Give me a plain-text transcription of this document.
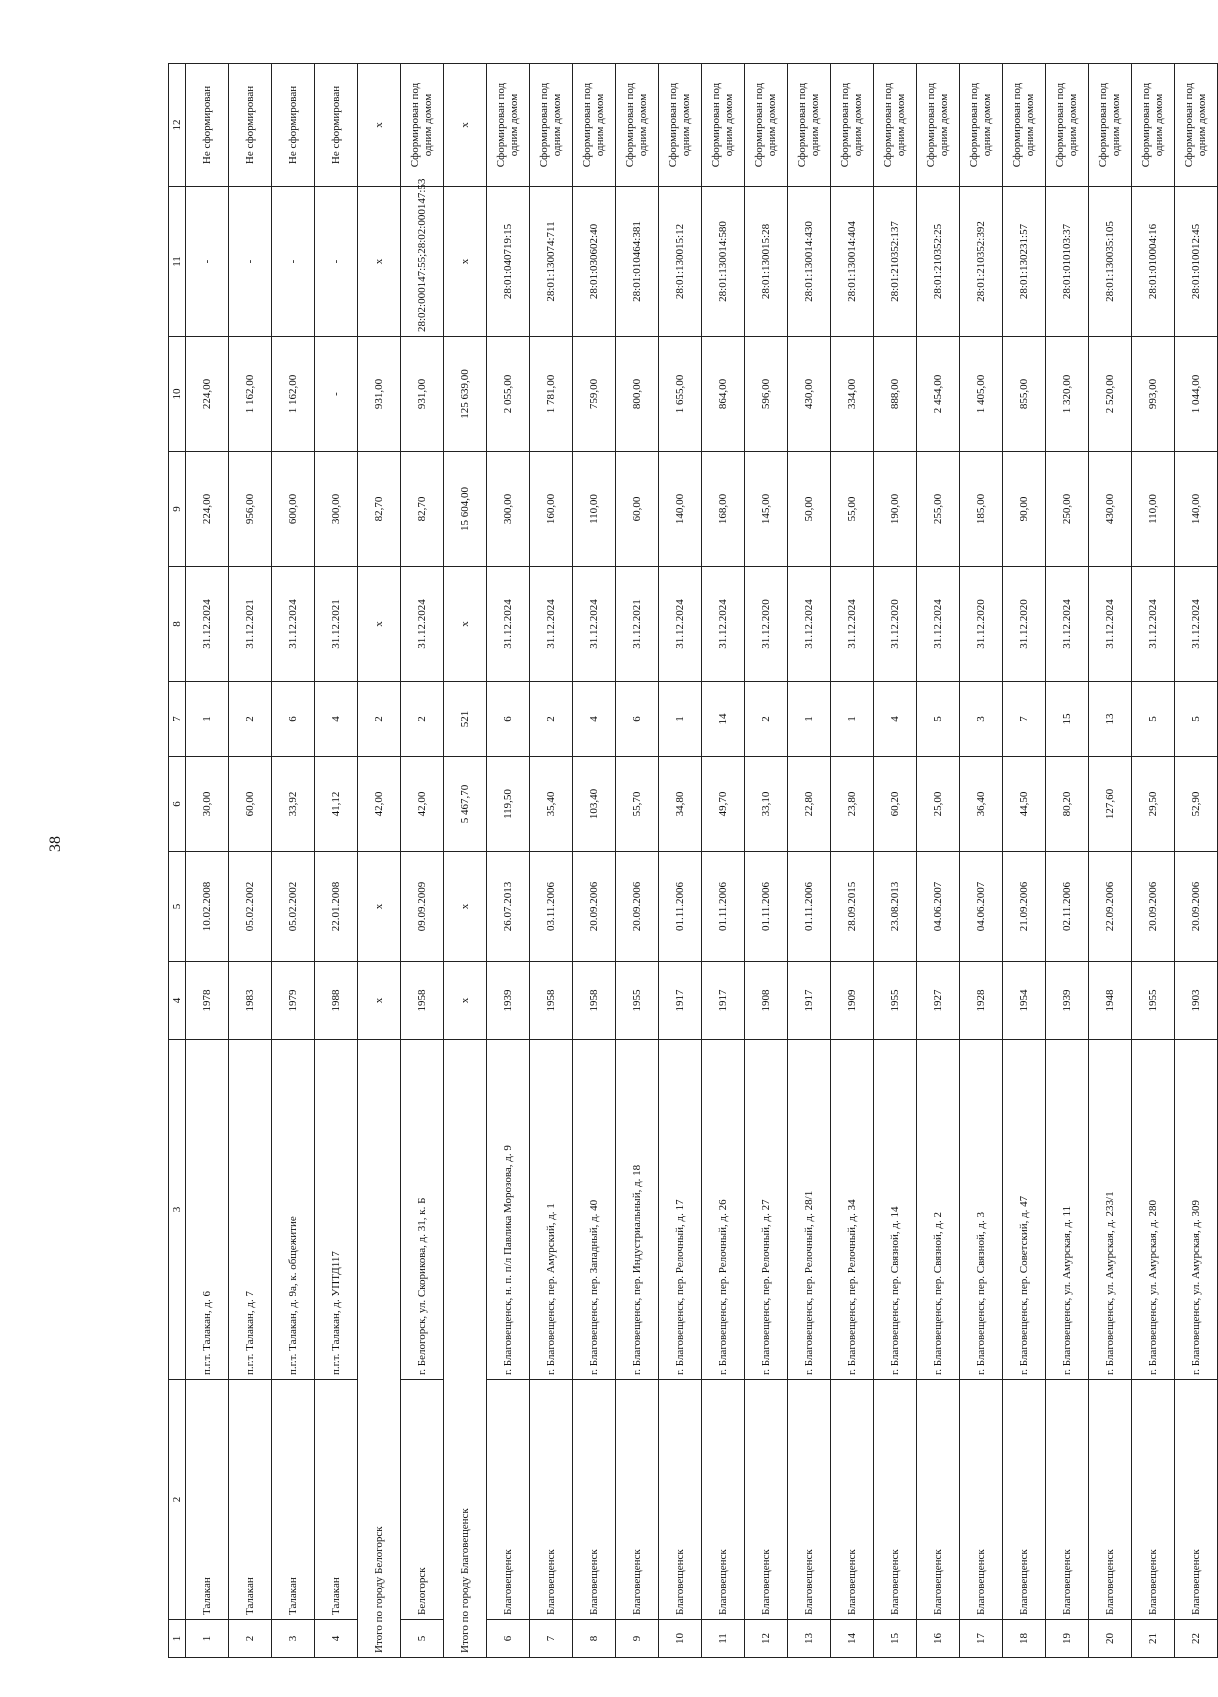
38
1	2	3	4	5	6	7	8	9	10	11	12
1	Талакан	п.г.т. Талакан, д. 6	1978	10.02.2008	30,00	1	31.12.2024	224,00	224,00	-	Не сформирован
2	Талакан	п.г.т. Талакан, д. 7	1983	05.02.2002	60,00	2	31.12.2021	956,00	1 162,00	-	Не сформирован
3	Талакан	п.г.т. Талакан, д. 9а, к. общежитие	1979	05.02.2002	33,92	6	31.12.2024	600,00	1 162,00	-	Не сформирован
4	Талакан	п.г.т. Талакан, д. УПТД117	1988	22.01.2008	41,12	4	31.12.2021	300,00	-	-	Не сформирован
Итого по городу Белогорск			x	x	42,00	2	x	82,70	931,00	x	x
5	Белогорск	г. Белогорск, ул. Скорикова, д. 31, к. Б	1958	09.09.2009	42,00	2	31.12.2024	82,70	931,00	28:02:000147:55;28:02:000147:53	Сформирован под одним домом
Итого по городу Благовещенск			x	x	5 467,70	521	x	15 604,00	125 639,00	x	x
6	Благовещенск	г. Благовещенск, н. п. п/л Павлика Морозова, д. 9	1939	26.07.2013	119,50	6	31.12.2024	300,00	2 055,00	28:01:040719:15	Сформирован под одним домом
7	Благовещенск	г. Благовещенск, пер. Амурский, д. 1	1958	03.11.2006	35,40	2	31.12.2024	160,00	1 781,00	28:01:130074:711	Сформирован под одним домом
8	Благовещенск	г. Благовещенск, пер. Западный, д. 40	1958	20.09.2006	103,40	4	31.12.2024	110,00	759,00	28:01:030602:40	Сформирован под одним домом
9	Благовещенск	г. Благовещенск, пер. Индустриальный, д. 18	1955	20.09.2006	55,70	6	31.12.2021	60,00	800,00	28:01:010464:381	Сформирован под одним домом
10	Благовещенск	г. Благовещенск, пер. Релочный, д. 17	1917	01.11.2006	34,80	1	31.12.2024	140,00	1 655,00	28:01:130015:12	Сформирован под одним домом
11	Благовещенск	г. Благовещенск, пер. Релочный, д. 26	1917	01.11.2006	49,70	14	31.12.2024	168,00	864,00	28:01:130014:580	Сформирован под одним домом
12	Благовещенск	г. Благовещенск, пер. Релочный, д. 27	1908	01.11.2006	33,10	2	31.12.2020	145,00	596,00	28:01:130015:28	Сформирован под одним домом
13	Благовещенск	г. Благовещенск, пер. Релочный, д. 28/1	1917	01.11.2006	22,80	1	31.12.2024	50,00	430,00	28:01:130014:430	Сформирован под одним домом
14	Благовещенск	г. Благовещенск, пер. Релочный, д. 34	1909	28.09.2015	23,80	1	31.12.2024	55,00	334,00	28:01:130014:404	Сформирован под одним домом
15	Благовещенск	г. Благовещенск, пер. Связной, д. 14	1955	23.08.2013	60,20	4	31.12.2020	190,00	888,00	28:01:210352:137	Сформирован под одним домом
16	Благовещенск	г. Благовещенск, пер. Связной, д. 2	1927	04.06.2007	25,00	5	31.12.2024	255,00	2 454,00	28:01:210352:25	Сформирован под одним домом
17	Благовещенск	г. Благовещенск, пер. Связной, д. 3	1928	04.06.2007	36,40	3	31.12.2020	185,00	1 405,00	28:01:210352:392	Сформирован под одним домом
18	Благовещенск	г. Благовещенск, пер. Советский, д. 47	1954	21.09.2006	44,50	7	31.12.2020	90,00	855,00	28:01:130231:57	Сформирован под одним домом
19	Благовещенск	г. Благовещенск, ул. Амурская, д. 11	1939	02.11.2006	80,20	15	31.12.2024	250,00	1 320,00	28:01:010103:37	Сформирован под одним домом
20	Благовещенск	г. Благовещенск, ул. Амурская, д. 233/1	1948	22.09.2006	127,60	13	31.12.2024	430,00	2 520,00	28:01:130035:105	Сформирован под одним домом
21	Благовещенск	г. Благовещенск, ул. Амурская, д. 280	1955	20.09.2006	29,50	5	31.12.2024	110,00	993,00	28:01:010004:16	Сформирован под одним домом
22	Благовещенск	г. Благовещенск, ул. Амурская, д. 309	1903	20.09.2006	52,90	5	31.12.2024	140,00	1 044,00	28:01:010012:45	Сформирован под одним домом
